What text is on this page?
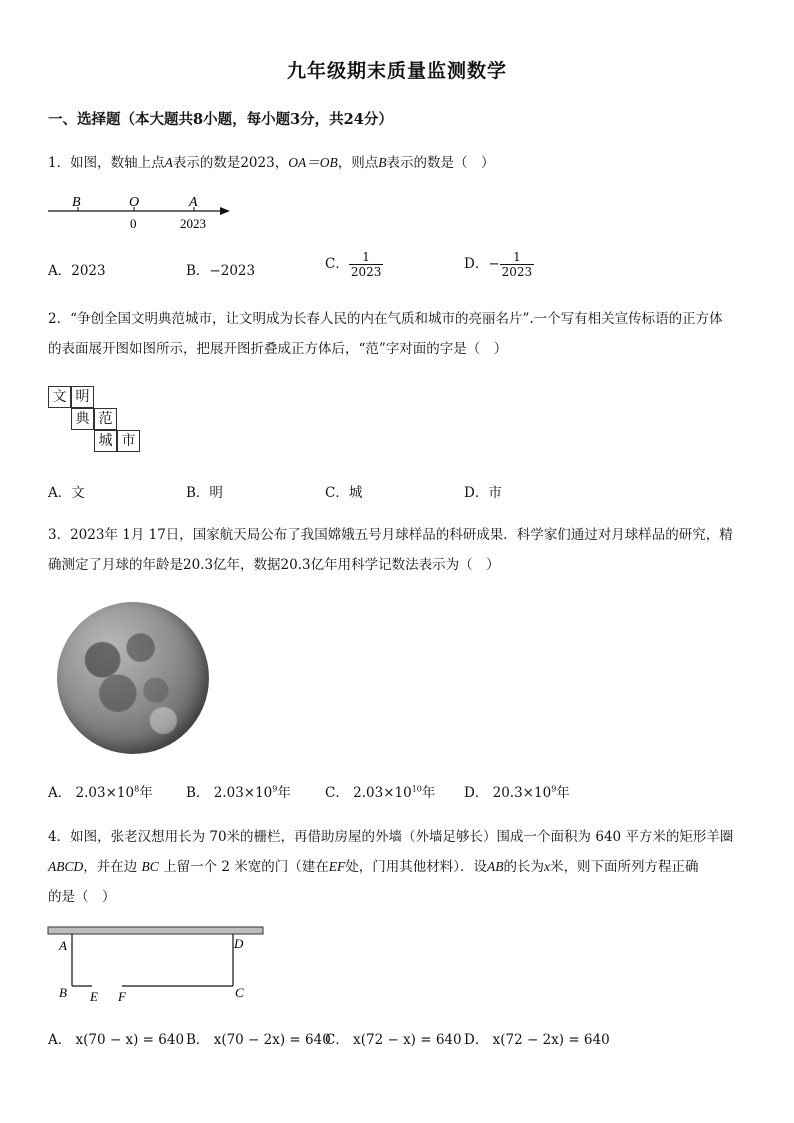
九年级期末质量监测数学
一、选择题（本大题共8小题，每小题3分，共24分）
1．如图，数轴上点A表示的数是2023，OA＝OB，则点B表示的数是（　）
B	O	A
0	2023
A．2023	B．−2023	C． $\frac{1}{2023}$	D．− $\frac{1}{2023}$
2．“争创全国文明典范城市，让文明成为长春人民的内在气质和城市的亮丽名片”.一个写有相关宣传标语的正方体
的表面展开图如图所示，把展开图折叠成正方体后，“范”字对面的字是（　）
文 明
典 范
城 市
A．文	B．明	C．城	D．市
3．2023年 1月 17日，国家航天局公布了我国嫦娥五号月球样品的科研成果．科学家们通过对月球样品的研究，精
确测定了月球的年龄是20.3亿年，数据20.3亿年用科学记数法表示为（　）
A． $2.03\times 10^8$年 B． $2.03\times 10^9$年	C． $2.03\times 10^{10}$年 D． $20.3\times 10^9$年
4．如图，张老汉想用长为 70米的栅栏，再借助房屋的外墙（外墙足够长）围成一个面积为 640 平方米的矩形羊圈
ABCD，并在边 BC 上留一个 2 米宽的门（建在EF处，门用其他材料）．设AB的长为x米，则下面所列方程正确
的是（　）
A	D
B	C
E F
A． x(70 − x) = 640 B． x(70 − 2x) = 640
C． x(72 − x) = 640 D． x(72 − 2x) = 640
